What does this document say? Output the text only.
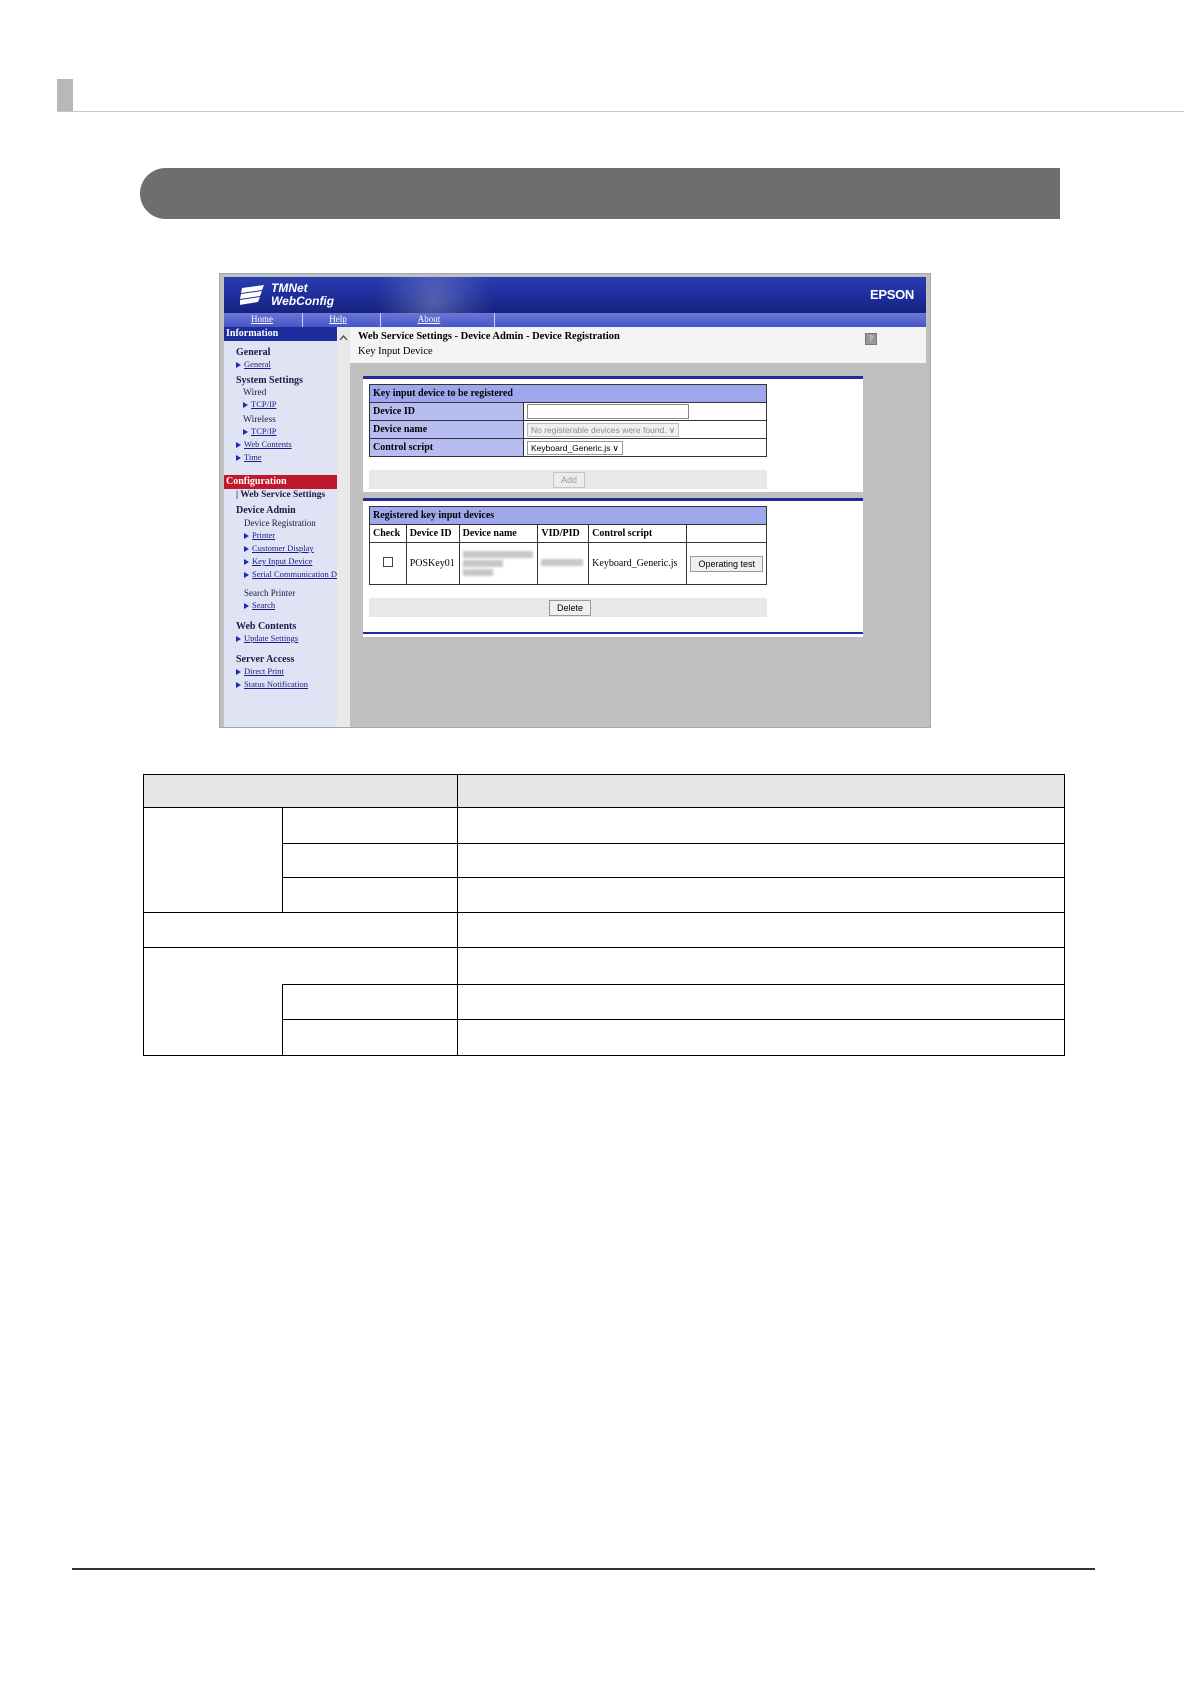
TMNet
WebConfig	EPSON
Home	Help	About
Information
General
General
System Settings
Wired
TCP/IP
Wireless
TCP/IP
Web Contents
Time
Configuration
| Web Service Settings
Device Admin
Device Registration
Printer
Customer Display
Key Input Device
Serial Communication D
Search Printer
Search
Web Contents
Update Settings
Server Access
Direct Print
Status Notification
Web Service Settings - Device Admin - Device Registration
Key Input Device
?
Key input device to be registered	
Device ID	

Device name	No registerable devices were found. ∨
Control script	Keyboard_Generic.js ∨
Add
Registered key input devices					
Check	Device ID	Device name	VID/PID	Control script	
	POSKey01			Keyboard_Generic.js	Operating test
Delete
